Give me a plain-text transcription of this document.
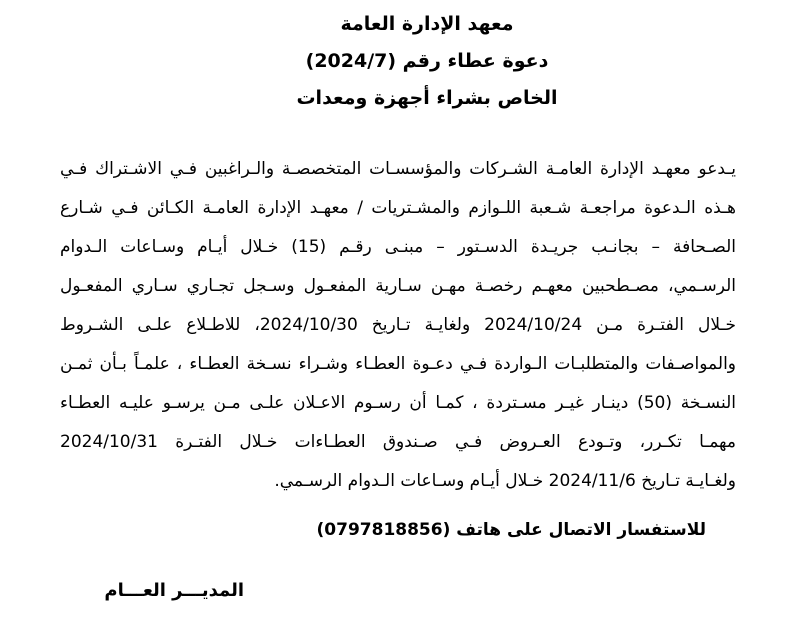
معهد الإدارة العامة
دعوة عطاء رقم (2024/7)
الخاص بشراء أجهزة ومعدات
يـدعو معهـد الإدارة العامـة الشـركات والمؤسسـات المتخصصـة والـراغبين فـي الاشـتراك فـي
هـذه الـدعوة مراجعـة شـعبة اللـوازم والمشـتريات / معهـد الإدارة العامـة الكـائن فـي شـارع
الصـحافة – بجانـب جريـدة الدسـتور – مبنـى رقـم (15) خـلال أيـام وسـاعات الـدوام
الرسـمي، مصـطحبين معهـم رخصـة مهـن سـارية المفعـول وسـجل تجـاري سـاري المفعـول
خـلال الفتـرة مـن 2024/10/24 ولغايـة تـاريخ 2024/10/30، للاطـلاع علـى الشـروط
والمواصـفات والمتطلبـات الـواردة فـي دعـوة العطـاء وشـراء نسـخة العطـاء ، علمـاً بـأن ثمـن
النسـخة (50) دينـار غيـر مسـتردة ، كمـا أن رسـوم الاعـلان علـى مـن يرسـو عليـه العطـاء
مهمـا تكـرر، وتـودع العـروض فـي صـندوق العطـاءات خـلال الفتـرة 2024/10/31
ولغـايـة تـاريخ 2024/11/6 خـلال أيـام وسـاعات الـدوام الرسـمي.
للاستفسار الاتصال على هاتف (0797818856)
المديـــر العـــام
